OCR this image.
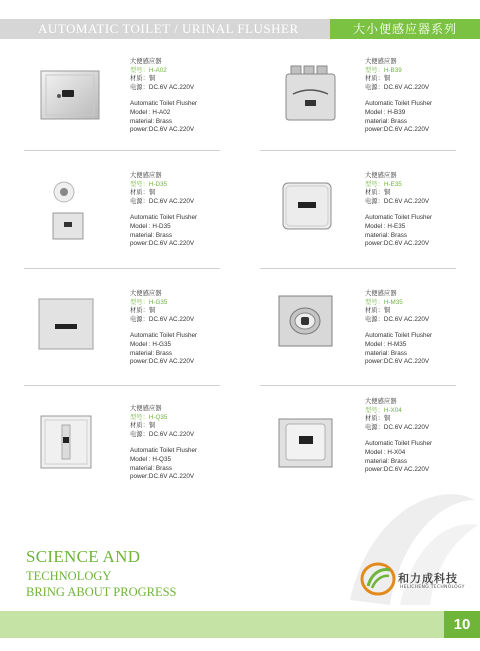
AUTOMATIC TOILET / URINAL FLUSHER	大小便感应器系列
大便感应器
型号：H-A02
材质：铜
电源：DC.6V AC.220V
Automatic Toilet Flusher
Model : H-A02
material: Brass
power:DC.6V AC.220V
大便感应器
型号：H-B39
材质：铜
电源：DC.6V AC.220V
Automatic Toilet Flusher
Model : H-B39
material: Brass
power:DC.6V AC.220V
大便感应器
型号：H-D35
材质：铜
电源：DC.6V AC.220V
Automatic Toilet Flusher
Model : H-D35
material: Brass
power:DC.6V AC.220V
大便感应器
型号：H-E35
材质：铜
电源：DC.6V AC.220V
Automatic Toilet Flusher
Model : H-E35
material: Brass
power:DC.6V AC.220V
大便感应器
型号：H-G35
材质：铜
电源：DC.6V AC.220V
Automatic Toilet Flusher
Model : H-G35
material: Brass
power:DC.6V AC.220V
大便感应器
型号：H-M35
材质：铜
电源：DC.6V AC.220V
Automatic Toilet Flusher
Model : H-M35
material: Brass
power:DC.6V AC.220V
大便感应器
型号：H-Q35
材质：铜
电源：DC.6V AC.220V
Automatic Toilet Flusher
Model : H-Q35
material: Brass
power:DC.6V AC.220V
大便感应器
型号：H-X04
材质：铜
电源：DC.6V AC.220V
Automatic Toilet Flusher
Model : H-X04
material: Brass
power:DC.6V AC.220V
SCIENCE AND
TECHNOLOGY
BRING ABOUT PROGRESS
和力成科技
HELICHENG TECHNOLOGY
10
